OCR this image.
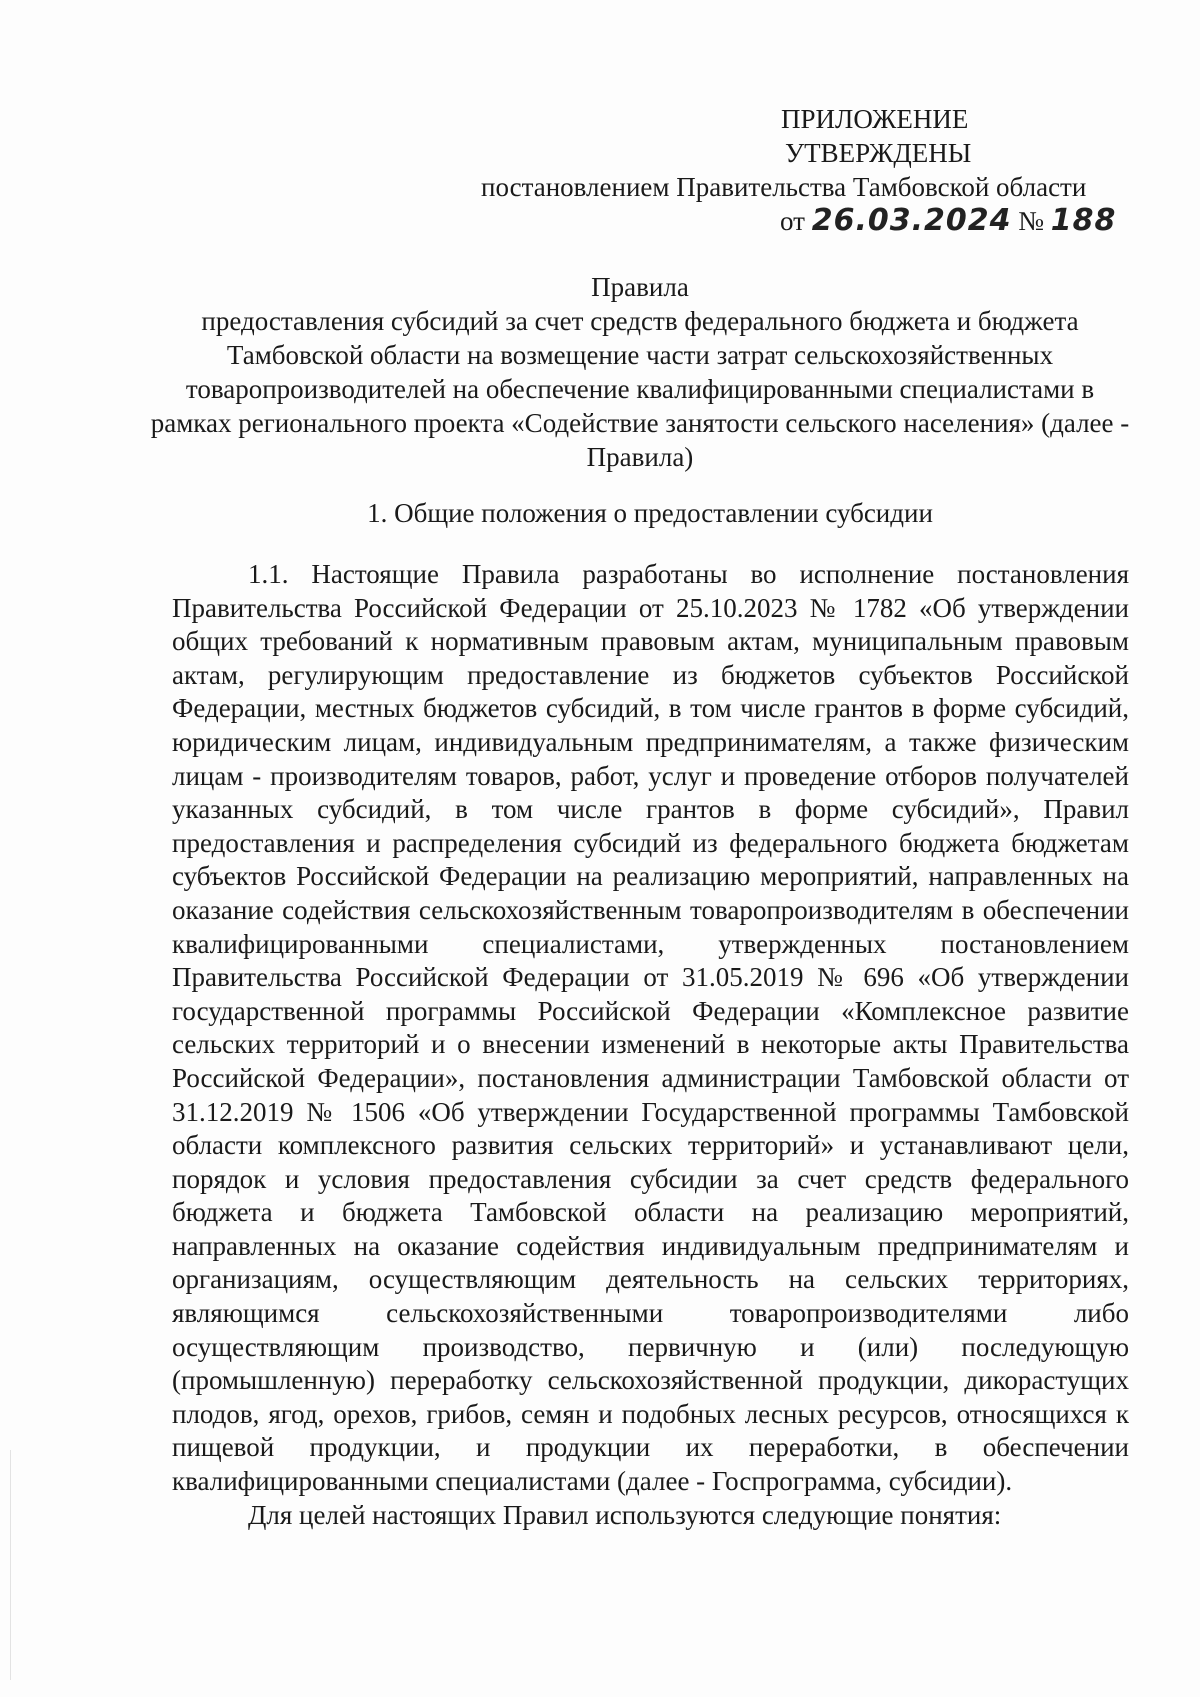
ПРИЛОЖЕНИЕ
УТВЕРЖДЕНЫ
постановлением Правительства Тамбовской области
от 26.03.2024 № 188
Правила
предоставления субсидий за счет средств федерального бюджета и бюджета Тамбовской области на возмещение части затрат сельскохозяйственных товаропроизводителей на обеспечение квалифицированными специалистами в рамках регионального проекта «Содействие занятости сельского населения» (далее - Правила)
1. Общие положения о предоставлении субсидии

1.1. Настоящие Правила разработаны во исполнение постановления Правительства Российской Федерации от 25.10.2023 № 1782 «Об утверждении общих требований к нормативным правовым актам, муниципальным правовым актам, регулирующим предоставление из бюджетов субъектов Российской Федерации, местных бюджетов субсидий, в том числе грантов в форме субсидий, юридическим лицам, индивидуальным предпринимателям, а также физическим лицам - производителям товаров, работ, услуг и проведение отборов получателей указанных субсидий, в том числе грантов в форме субсидий», Правил предоставления и распределения субсидий из федерального бюджета бюджетам субъектов Российской Федерации на реализацию мероприятий, направленных на оказание содействия сельскохозяйственным товаропроизводителям в обеспечении квалифицированными специалистами, утвержденных постановлением Правительства Российской Федерации от 31.05.2019 № 696 «Об утверждении государственной программы Российской Федерации «Комплексное развитие сельских территорий и о внесении изменений в некоторые акты Правительства Российской Федерации», постановления администрации Тамбовской области от 31.12.2019 № 1506 «Об утверждении Государственной программы Тамбовской области комплексного развития сельских территорий» и устанавливают цели, порядок и условия предоставления субсидии за счет средств федерального бюджета и бюджета Тамбовской области на реализацию мероприятий, направленных на оказание содействия индивидуальным предпринимателям и организациям, осуществляющим деятельность на сельских территориях, являющимся сельскохозяйственными товаропроизводителями либо осуществляющим производство, первичную и (или) последующую (промышленную) переработку сельскохозяйственной продукции, дикорастущих плодов, ягод, орехов, грибов, семян и подобных лесных ресурсов, относящихся к пищевой продукции, и продукции их переработки, в обеспечении квалифицированными специалистами (далее - Госпрограмма, субсидии).

Для целей настоящих Правил используются следующие понятия:
